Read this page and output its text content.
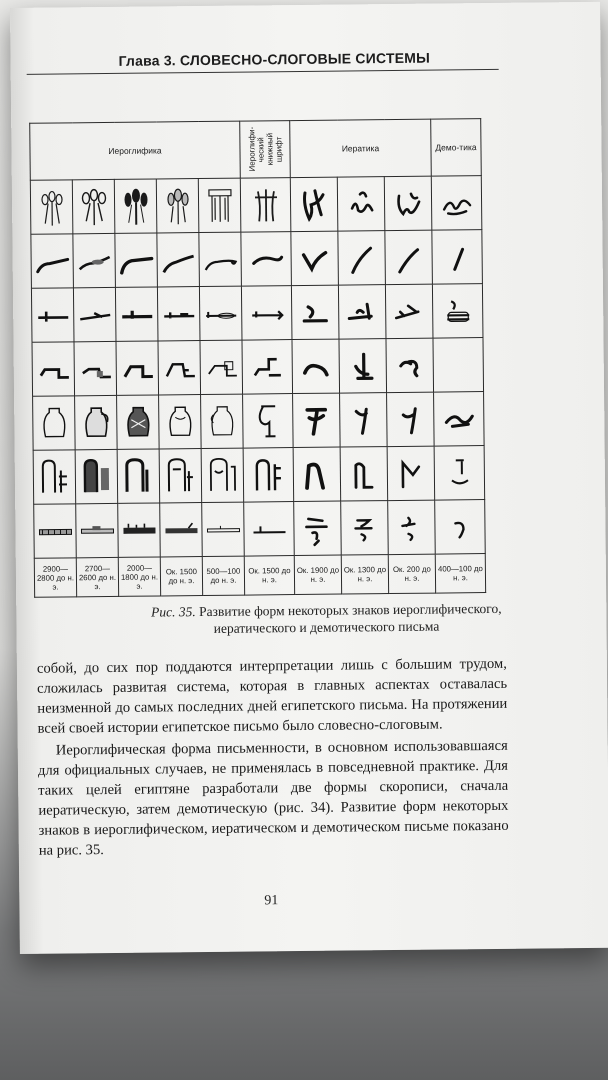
Глава 3. СЛОВЕСНО-СЛОГОВЫЕ СИСТЕМЫ
Иероглифика					Иероглифи-ческий книжный шрифт	Иератика			Демо-тика

2900—2800 до н. э.	2700—2600 до н. э.	2000—1800 до н. э.	Ок. 1500 до н. э.	500—100 до н. э.	Ок. 1500 до н. э.	Ок. 1900 до н. э.	Ок. 1300 до н. э.	Ок. 200 до н. э.	400—100 до н. э.
Рис. 35. Развитие форм некоторых знаков иероглифического, иератического и демотического письма

собой, до сих пор поддаются интерпретации лишь с большим трудом, сложилась развитая система, которая в главных аспектах оставалась неизменной до самых последних дней египетского письма. На протяжении всей своей истории египетское письмо было словесно-слоговым.

Иероглифическая форма письменности, в основном использовавшаяся для официальных случаев, не применялась в повседневной практике. Для таких целей египтяне разработали две формы скорописи, сначала иератическую, затем демотическую (рис. 34). Развитие форм некоторых знаков в иероглифическом, иератическом и демотическом письме показано на рис. 35.

91
